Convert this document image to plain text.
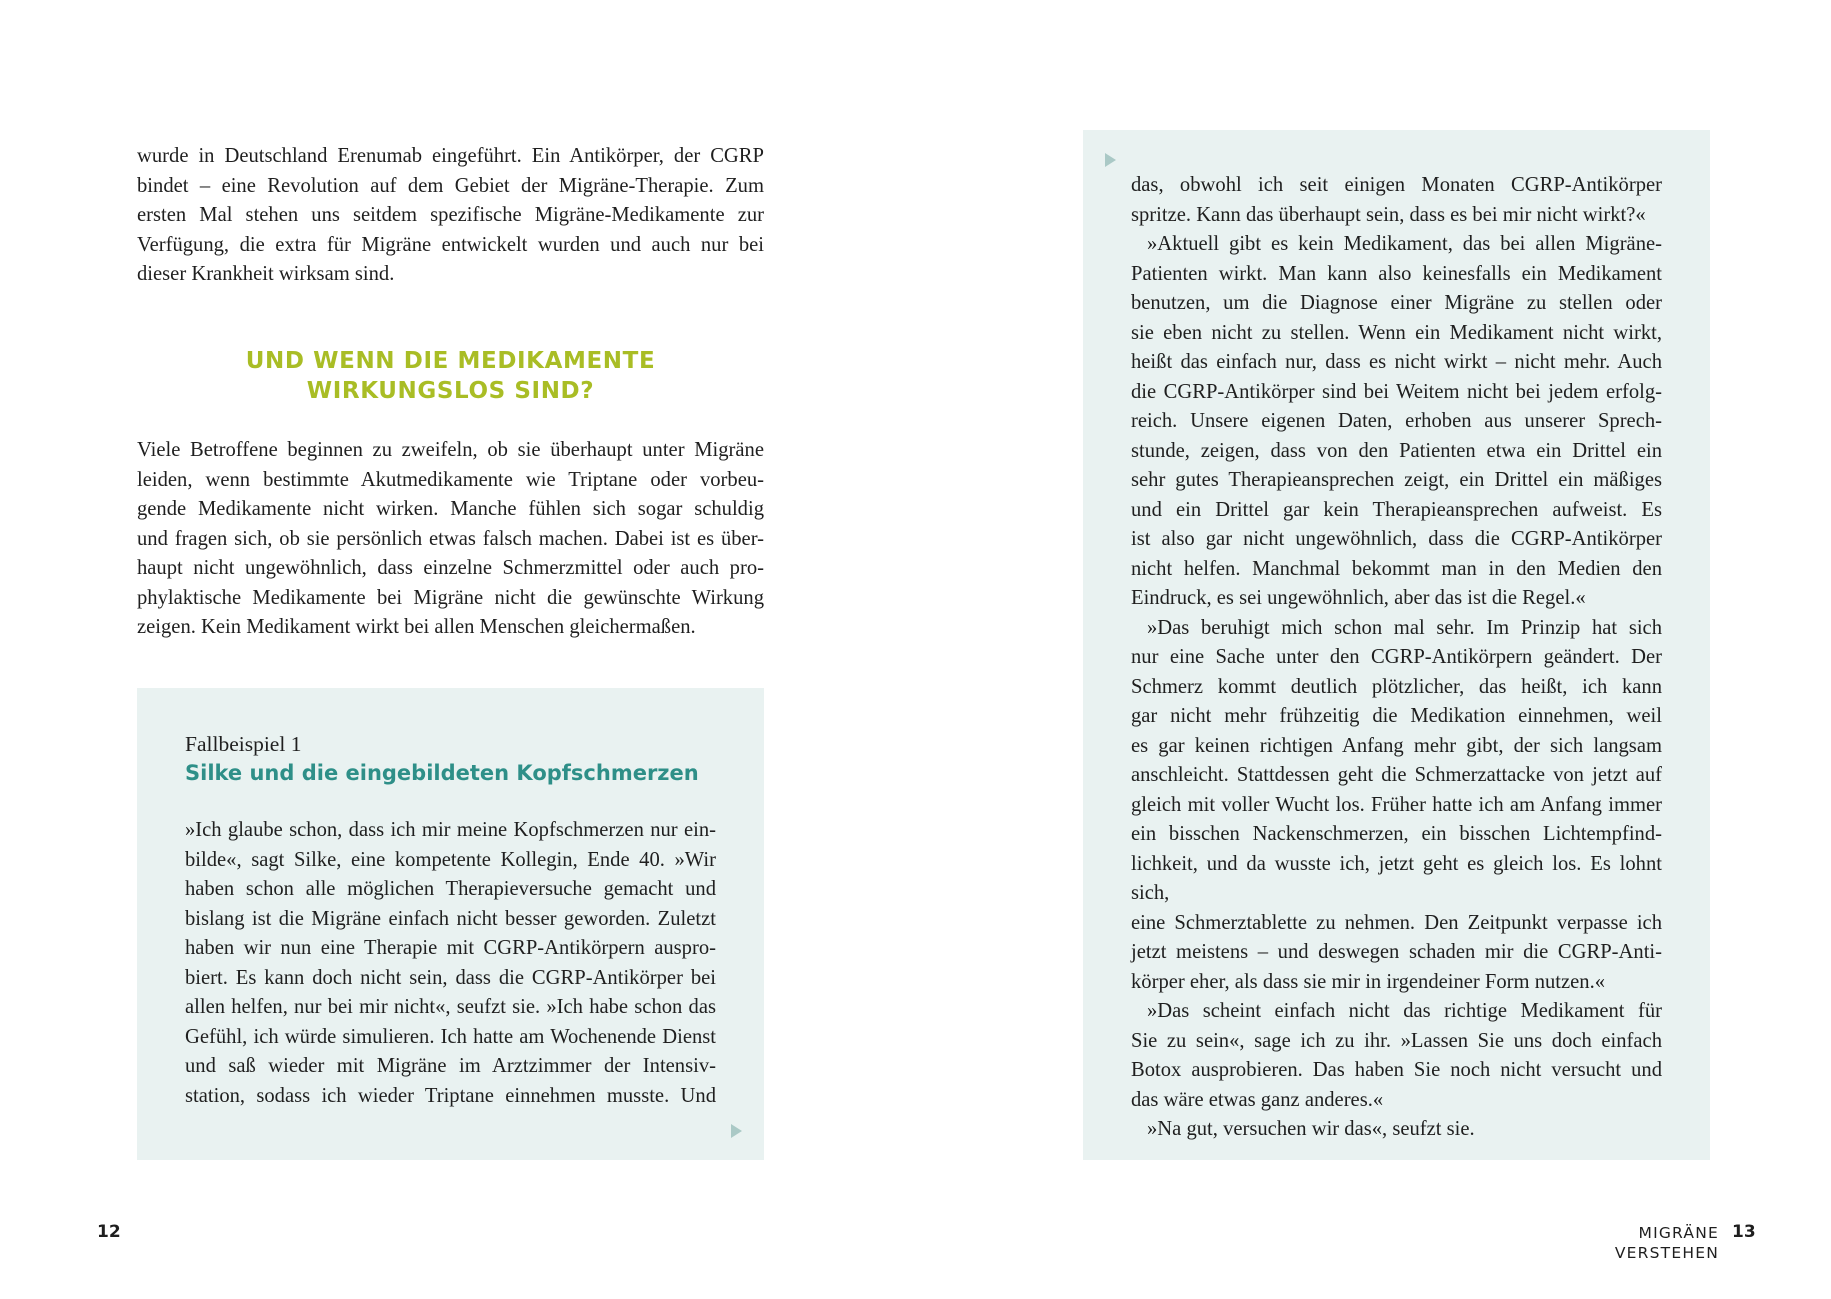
wurde in Deutschland Erenumab eingeführt. Ein Antikörper, der CGRP

bindet – eine Revolution auf dem Gebiet der Migräne-Therapie. Zum

ersten Mal stehen uns seitdem spezifische Migräne-Medikamente zur

Verfügung, die extra für Migräne entwickelt wurden und auch nur bei

dieser Krankheit wirksam sind.

UND WENN DIE MEDIKAMENTE
WIRKUNGSLOS SIND?

Viele Betroffene beginnen zu zweifeln, ob sie überhaupt unter Migräne

leiden, wenn bestimmte Akutmedikamente wie Triptane oder vorbeu-

gende Medikamente nicht wirken. Manche fühlen sich sogar schuldig

und fragen sich, ob sie persönlich etwas falsch machen. Dabei ist es über-

haupt nicht ungewöhnlich, dass einzelne Schmerzmittel oder auch pro-

phylaktische Medikamente bei Migräne nicht die gewünschte Wirkung

zeigen. Kein Medikament wirkt bei allen Menschen gleichermaßen.

Fallbeispiel 1
Silke und die eingebildeten Kopfschmerzen

»Ich glaube schon, dass ich mir meine Kopfschmerzen nur ein-

bilde«, sagt Silke, eine kompetente Kollegin, Ende 40. »Wir

haben schon alle möglichen Therapieversuche gemacht und

bislang ist die Migräne einfach nicht besser geworden. Zuletzt

haben wir nun eine Therapie mit CGRP-Antikörpern auspro-

biert. Es kann doch nicht sein, dass die CGRP-Antikörper bei

allen helfen, nur bei mir nicht«, seufzt sie. »Ich habe schon das

Gefühl, ich würde simulieren. Ich hatte am Wochenende Dienst

und saß wieder mit Migräne im Arztzimmer der Intensiv-

station, sodass ich wieder Triptane einnehmen musste. Und

12

das, obwohl ich seit einigen Monaten CGRP-Antikörper

spritze. Kann das überhaupt sein, dass es bei mir nicht wirkt?«

»Aktuell gibt es kein Medikament, das bei allen Migräne-

Patienten wirkt. Man kann also keinesfalls ein Medikament

benutzen, um die Diagnose einer Migräne zu stellen oder

sie eben nicht zu stellen. Wenn ein Medikament nicht wirkt,

heißt das einfach nur, dass es nicht wirkt – nicht mehr. Auch

die CGRP-Antikörper sind bei Weitem nicht bei jedem erfolg-

reich. Unsere eigenen Daten, erhoben aus unserer Sprech-

stunde, zeigen, dass von den Patienten etwa ein Drittel ein

sehr gutes Therapieansprechen zeigt, ein Drittel ein mäßiges

und ein Drittel gar kein Therapieansprechen aufweist. Es

ist also gar nicht ungewöhnlich, dass die CGRP-Antikörper

nicht helfen. Manchmal bekommt man in den Medien den

Eindruck, es sei ungewöhnlich, aber das ist die Regel.«

»Das beruhigt mich schon mal sehr. Im Prinzip hat sich

nur eine Sache unter den CGRP-Antikörpern geändert. Der

Schmerz kommt deutlich plötzlicher, das heißt, ich kann

gar nicht mehr frühzeitig die Medikation einnehmen, weil

es gar keinen richtigen Anfang mehr gibt, der sich langsam

anschleicht. Stattdessen geht die Schmerzattacke von jetzt auf

gleich mit voller Wucht los. Früher hatte ich am Anfang immer

ein bisschen Nackenschmerzen, ein bisschen Lichtempfind-

lichkeit, und da wusste ich, jetzt geht es gleich los. Es lohnt sich,

eine Schmerztablette zu nehmen. Den Zeitpunkt verpasse ich

jetzt meistens – und deswegen schaden mir die CGRP-Anti-

körper eher, als dass sie mir in irgendeiner Form nutzen.«

»Das scheint einfach nicht das richtige Medikament für

Sie zu sein«, sage ich zu ihr. »Lassen Sie uns doch einfach

Botox ausprobieren. Das haben Sie noch nicht versucht und

das wäre etwas ganz anderes.«

»Na gut, versuchen wir das«, seufzt sie.

MIGRÄNE VERSTEHEN
13
